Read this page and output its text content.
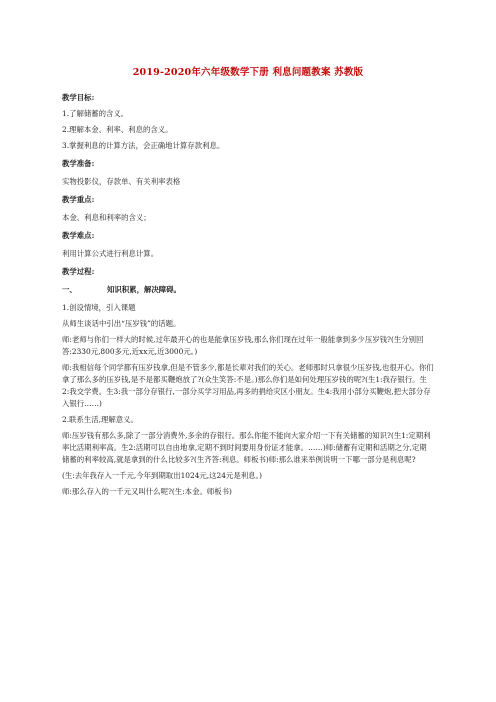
2019-2020年六年级数学下册 利息问题教案 苏教版
教学目标:
1.了解储蓄的含义。
2.理解本金、利率、利息的含义。
3.掌握利息的计算方法，会正确地计算存款利息。
教学准备:
实物投影仪，存款单、有关利率表格
教学重点:
本金、利息和利率的含义；
教学难点:
利用计算公式进行利息计算。
教学过程:
一、	知识积累，解决障碍。
1.创设情境，引入课题
从师生谈话中引出“压岁钱”的话题。
师:老师与你们一样大的时候,过年最开心的也是能拿压岁钱,那么你们现在过年一般能拿到多少压岁钱?(生分别回答:2330元,800多元,近xx元,近3000元。)
师:我相信每个同学都有压岁钱拿,但是不管多少,都是长辈对我们的关心。老师那时只拿很少压岁钱,也很开心。你们拿了那么多的压岁钱,是不是都买鞭炮放了?(众生笑答:不是。)那么你们是如何处理压岁钱的呢?(生1:我存银行。生2:我交学费。生3:我一部分存银行,一部分买学习用品,再多的捐给灾区小朋友。生4:我用小部分买鞭炮,把大部分存入银行……)
2.联系生活,理解意义。
师:压岁钱有那么多,除了一部分消费外,多余的存银行。那么你能不能向大家介绍一下有关储蓄的知识?(生1:定期利率比活期利率高。生2:活期可以自由地拿,定期不到时间要用身份证才能拿。……)师:储蓄有定期和活期之分,定期储蓄的利率较高,就是拿到的什么比较多?(生齐答:利息。师板书)师:那么谁来举例说明一下哪一部分是利息呢?
(生:去年我存入一千元,今年到期取出1024元,这24元是利息。)
师:那么存入的一千元又叫什么呢?(生:本金。师板书)
